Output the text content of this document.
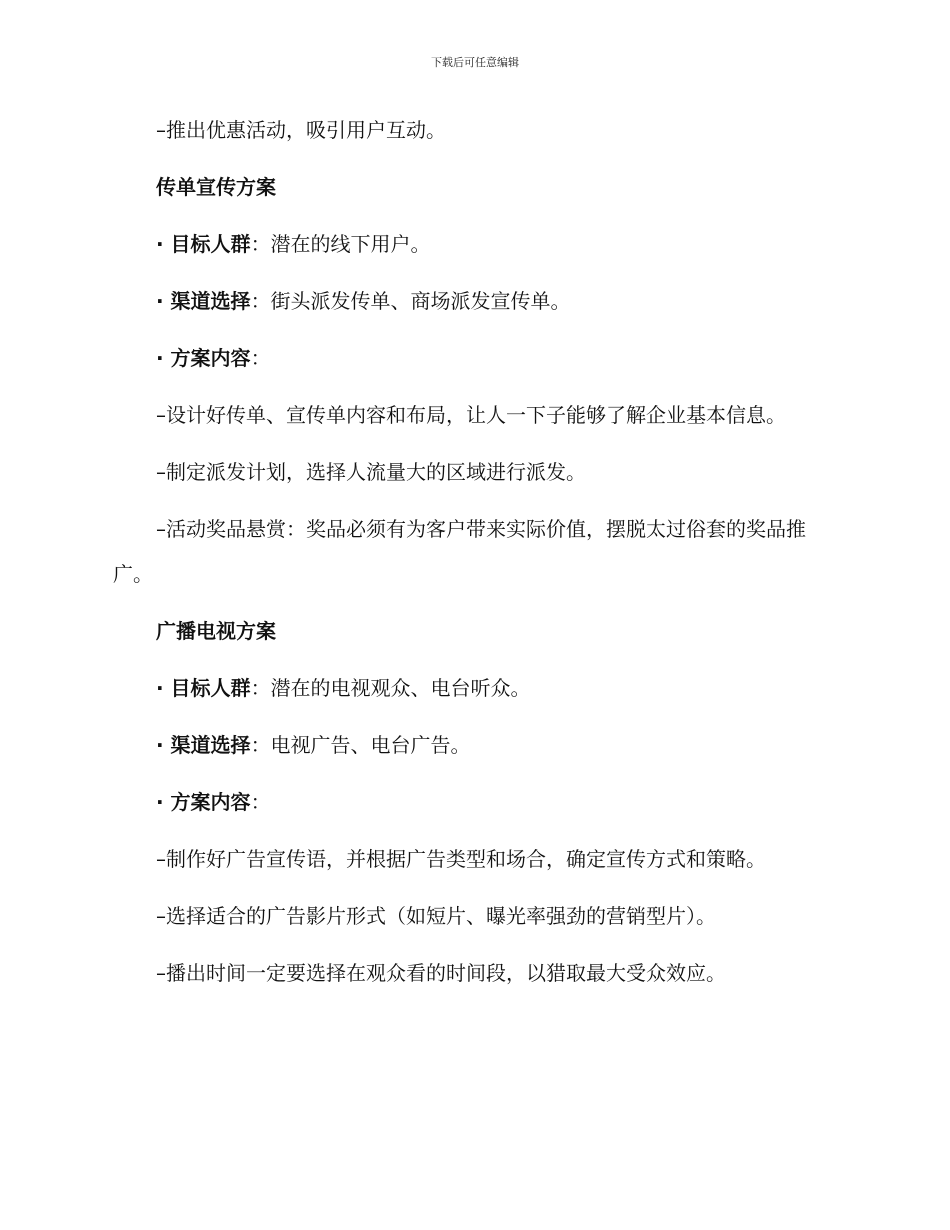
下载后可任意编辑

–推出优惠活动，吸引用户互动。

传单宣传方案

· 目标人群：潜在的线下用户。

· 渠道选择：街头派发传单、商场派发宣传单。

· 方案内容：

–设计好传单、宣传单内容和布局，让人一下子能够了解企业基本信息。

–制定派发计划，选择人流量大的区域进行派发。

–活动奖品悬赏：奖品必须有为客户带来实际价值，摆脱太过俗套的奖品推广。

广播电视方案

· 目标人群：潜在的电视观众、电台听众。

· 渠道选择：电视广告、电台广告。

· 方案内容：

–制作好广告宣传语，并根据广告类型和场合，确定宣传方式和策略。

–选择适合的广告影片形式（如短片、曝光率强劲的营销型片）。

–播出时间一定要选择在观众看的时间段，以猎取最大受众效应。
